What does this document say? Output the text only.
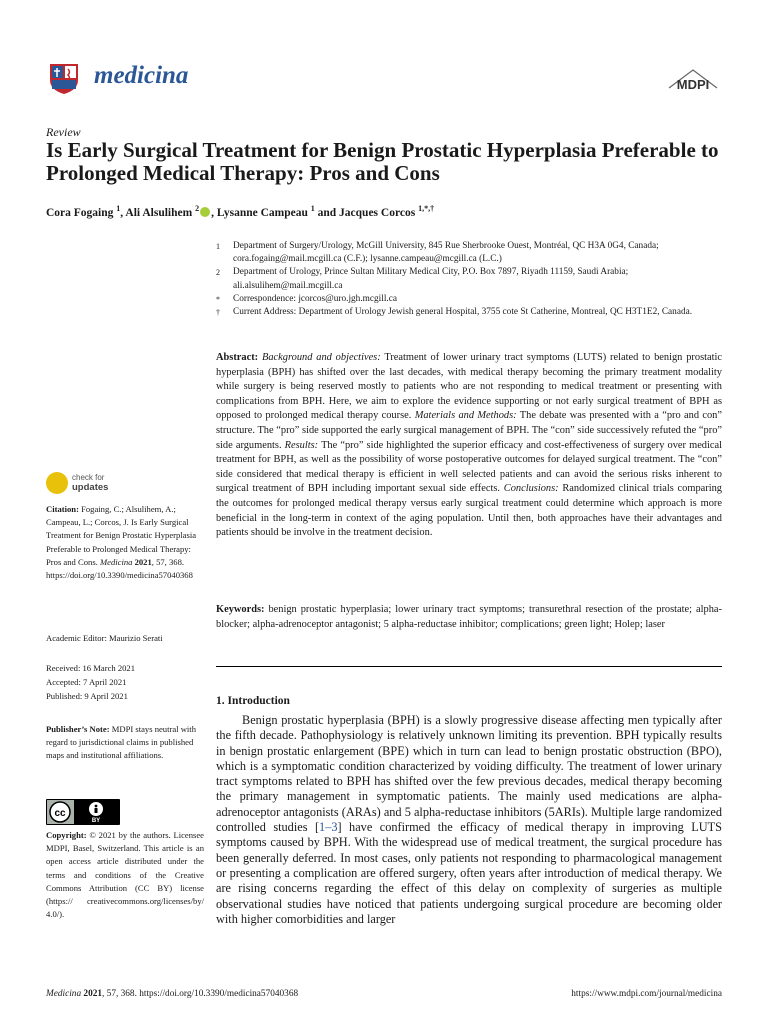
medicina	MDPI
Review
Is Early Surgical Treatment for Benign Prostatic Hyperplasia Preferable to Prolonged Medical Therapy: Pros and Cons
Cora Fogaing $^1$, Ali Alsulihem $^2$ , Lysanne Campeau $^1$ and Jacques Corcos $^{1,*,\dagger}$
1 Department of Surgery/Urology, McGill University, 845 Rue Sherbrooke Ouest, Montréal, QC H3A 0G4, Canada; cora.fogaing@mail.mcgill.ca (C.F.); lysanne.campeau@mcgill.ca (L.C.)
2 Department of Urology, Prince Sultan Military Medical City, P.O. Box 7897, Riyadh 11159, Saudi Arabia; ali.alsulihem@mail.mcgill.ca
* Correspondence: jcorcos@uro.jgh.mcgill.ca
† Current Address: Department of Urology Jewish general Hospital, 3755 cote St Catherine, Montreal, QC H3T1E2, Canada.
Abstract: Background and objectives: Treatment of lower urinary tract symptoms (LUTS) related to benign prostatic hyperplasia (BPH) has shifted over the last decades, with medical therapy becoming the primary treatment modality while surgery is being reserved mostly to patients who are not responding to medical treatment or presenting with complications from BPH. Here, we aim to explore the evidence supporting or not early surgical treatment of BPH as opposed to prolonged medical therapy course. Materials and Methods: The debate was presented with a “pro and con” structure. The “pro” side supported the early surgical management of BPH. The “con” side successively refuted the “pro” side arguments. Results: The “pro” side highlighted the superior efficacy and cost-effectiveness of surgery over medical treatment for BPH, as well as the possibility of worse postoperative outcomes for delayed surgical treatment. The “con” side considered that medical therapy is efficient in well selected patients and can avoid the serious risks inherent to surgical treatment of BPH including important sexual side effects. Conclusions: Randomized clinical trials comparing the outcomes for prolonged medical therapy versus early surgical treatment could determine which approach is more beneficial in the long-term in context of the aging population. Until then, both approaches have their advantages and patients should be involve in the treatment decision.
Keywords: benign prostatic hyperplasia; lower urinary tract symptoms; transurethral resection of the prostate; alpha-blocker; alpha-adrenoceptor antagonist; 5 alpha-reductase inhibitor; complications; green light; Holep; laser
1. Introduction
Benign prostatic hyperplasia (BPH) is a slowly progressive disease affecting men typically after the fifth decade. Pathophysiology is relatively unknown limiting its prevention. BPH typically results in benign prostatic enlargement (BPE) which in turn can lead to benign prostatic obstruction (BPO), which is a symptomatic condition characterized by voiding difficulty. The treatment of lower urinary tract symptoms related to BPH has shifted over the few previous decades, medical therapy becoming the primary management in symptomatic patients. The mainly used medications are alpha-adrenoceptor antagonists (ARAs) and 5 alpha-reductase inhibitors (5ARIs). Multiple large randomized controlled studies [1–3] have confirmed the efficacy of medical therapy in improving LUTS symptoms caused by BPH. With the widespread use of medical treatment, the surgical procedure has been generally deferred. In most cases, only patients not responding to pharmacological management or presenting a complication are offered surgery, often years after introduction of medical therapy. We are rising concerns regarding the effect of this delay on complexity of surgeries as multiple observational studies have noticed that patients undergoing surgical procedure are becoming older with higher comorbidities and larger
check for
updates
Citation: Fogaing, C.; Alsulihem, A.; Campeau, L.; Corcos, J. Is Early Surgical Treatment for Benign Prostatic Hyperplasia Preferable to Prolonged Medical Therapy: Pros and Cons. Medicina 2021, 57, 368. https://doi.org/10.3390/medicina57040368
Academic Editor: Maurizio Serati
Received: 16 March 2021
Accepted: 7 April 2021
Published: 9 April 2021
Publisher’s Note: MDPI stays neutral with regard to jurisdictional claims in published maps and institutional affiliations.
cc
BY
Copyright: © 2021 by the authors. Licensee MDPI, Basel, Switzerland. This article is an open access article distributed under the terms and conditions of the Creative Commons Attribution (CC BY) license (https:// creativecommons.org/licenses/by/ 4.0/).
Medicina 2021, 57, 368. https://doi.org/10.3390/medicina57040368	https://www.mdpi.com/journal/medicina
